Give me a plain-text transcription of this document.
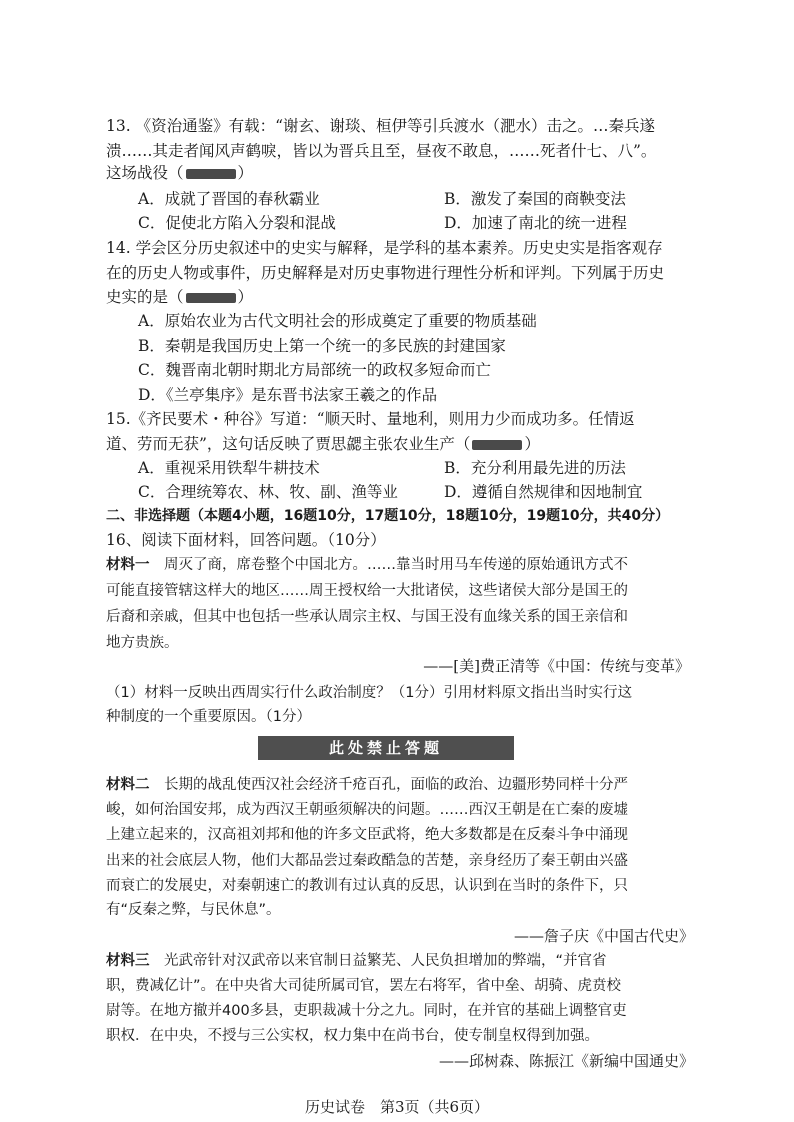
13. 《资治通鉴》有载：“谢玄、谢琰、桓伊等引兵渡水（淝水）击之。…秦兵遂
溃……其走者闻风声鹤唳，皆以为晋兵且至，昼夜不敢息，……死者什七、八”。
这场战役（	）
A．成就了晋国的春秋霸业	B．激发了秦国的商鞅变法
C．促使北方陷入分裂和混战	D．加速了南北的统一进程
14. 学会区分历史叙述中的史实与解释，是学科的基本素养。历史史实是指客观存
在的历史人物或事件，历史解释是对历史事物进行理性分析和评判。下列属于历史
史实的是（	）
A．原始农业为古代文明社会的形成奠定了重要的物质基础
B．秦朝是我国历史上第一个统一的多民族的封建国家
C．魏晋南北朝时期北方局部统一的政权多短命而亡
D．《兰亭集序》是东晋书法家王羲之的作品
15.《齐民要术・种谷》写道：“顺天时、量地利，则用力少而成功多。任情返
道、劳而无获”，这句话反映了贾思勰主张农业生产（	）
A．重视采用铁犁牛耕技术	B．充分利用最先进的历法
C．合理统筹农、林、牧、副、渔等业	D．遵循自然规律和因地制宜
二、非选择题（本题4小题，16题10分，17题10分，18题10分，19题10分，共40分）
16、阅读下面材料，回答问题。（10分）
材料一　周灭了商，席卷整个中国北方。……靠当时用马车传递的原始通讯方式不
可能直接管辖这样大的地区……周王授权给一大批诸侯，这些诸侯大部分是国王的
后裔和亲戚，但其中也包括一些承认周宗主权、与国王没有血缘关系的国王亲信和
地方贵族。
——[美]费正清等《中国：传统与变革》
（1）材料一反映出西周实行什么政治制度？（1分）引用材料原文指出当时实行这
种制度的一个重要原因。（1分）
此处禁止答题
材料二　长期的战乱使西汉社会经济千疮百孔，面临的政治、边疆形势同样十分严
峻，如何治国安邦，成为西汉王朝亟须解决的问题。……西汉王朝是在亡秦的废墟
上建立起来的，汉高祖刘邦和他的许多文臣武将，绝大多数都是在反秦斗争中涌现
出来的社会底层人物，他们大都品尝过秦政酷急的苦楚，亲身经历了秦王朝由兴盛
而衰亡的发展史，对秦朝速亡的教训有过认真的反思，认识到在当时的条件下，只
有“反秦之弊，与民休息”。
——詹子庆《中国古代史》
材料三　光武帝针对汉武帝以来官制日益繁芜、人民负担增加的弊端，“并官省
职，费减亿计”。在中央省大司徒所属司官，罢左右将军，省中垒、胡骑、虎贲校
尉等。在地方撤并400多县，吏职裁减十分之九。同时，在并官的基础上调整官吏
职权．在中央，不授与三公实权，权力集中在尚书台，使专制皇权得到加强。
——邱树森、陈振江《新编中国通史》
历史试卷　第3页（共6页）
